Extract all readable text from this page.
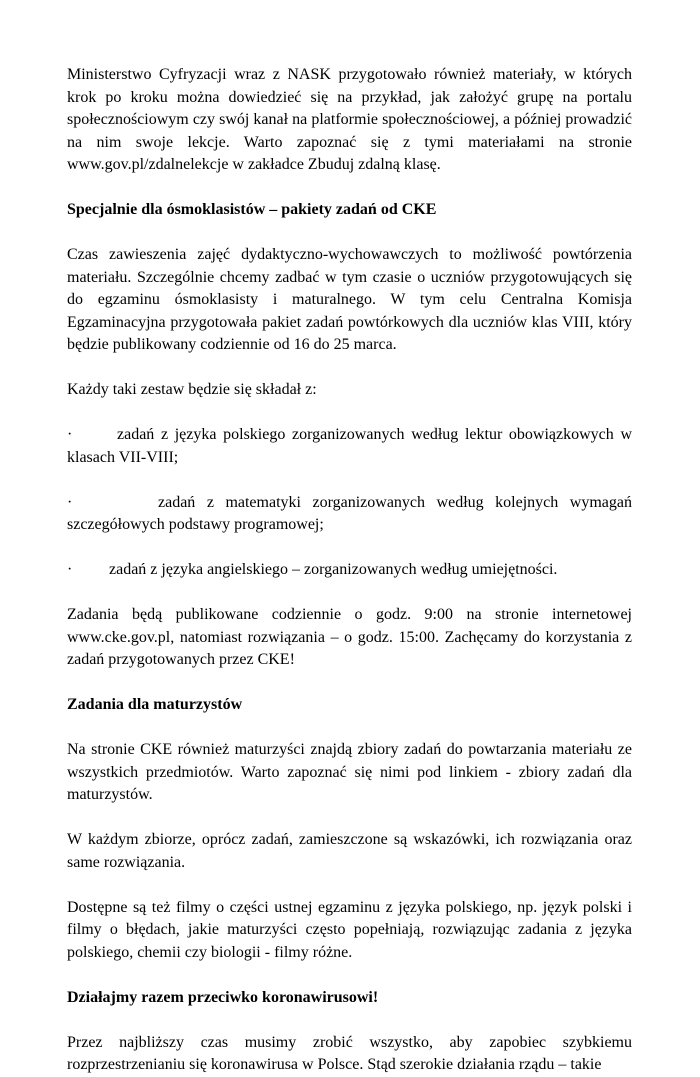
Ministerstwo Cyfryzacji wraz z NASK przygotowało również materiały, w których krok po kroku można dowiedzieć się na przykład, jak założyć grupę na portalu społecznościowym czy swój kanał na platformie społecznościowej, a później prowadzić na nim swoje lekcje. Warto zapoznać się z tymi materiałami na stronie www.gov.pl/zdalnelekcje w zakładce Zbuduj zdalną klasę.

Specjalnie dla ósmoklasistów – pakiety zadań od CKE

Czas zawieszenia zajęć dydaktyczno-wychowawczych to możliwość powtórzenia materiału. Szczególnie chcemy zadbać w tym czasie o uczniów przygotowujących się do egzaminu ósmoklasisty i maturalnego. W tym celu Centralna Komisja Egzaminacyjna przygotowała pakiet zadań powtórkowych dla uczniów klas VIII, który będzie publikowany codziennie od 16 do 25 marca.

Każdy taki zestaw będzie się składał z:

·	zadań z języka polskiego zorganizowanych według lektur obowiązkowych w klasach VII-VIII;

·	zadań z matematyki zorganizowanych według kolejnych wymagań szczegółowych podstawy programowej;

· zadań z języka angielskiego – zorganizowanych według umiejętności.

Zadania będą publikowane codziennie o godz. 9:00 na stronie internetowej www.cke.gov.pl, natomiast rozwiązania – o godz. 15:00. Zachęcamy do korzystania z zadań przygotowanych przez CKE!

Zadania dla maturzystów

Na stronie CKE również maturzyści znajdą zbiory zadań do powtarzania materiału ze wszystkich przedmiotów. Warto zapoznać się nimi pod linkiem - zbiory zadań dla maturzystów.

W każdym zbiorze, oprócz zadań, zamieszczone są wskazówki, ich rozwiązania oraz same rozwiązania.

Dostępne są też filmy o części ustnej egzaminu z języka polskiego, np. język polski i filmy o błędach, jakie maturzyści często popełniają, rozwiązując zadania z języka polskiego, chemii czy biologii - filmy różne.

Działajmy razem przeciwko koronawirusowi!

Przez najbliższy czas musimy zrobić wszystko, aby zapobiec szybkiemu rozprzestrzenianiu się koronawirusa w Polsce. Stąd szerokie działania rządu – takie
